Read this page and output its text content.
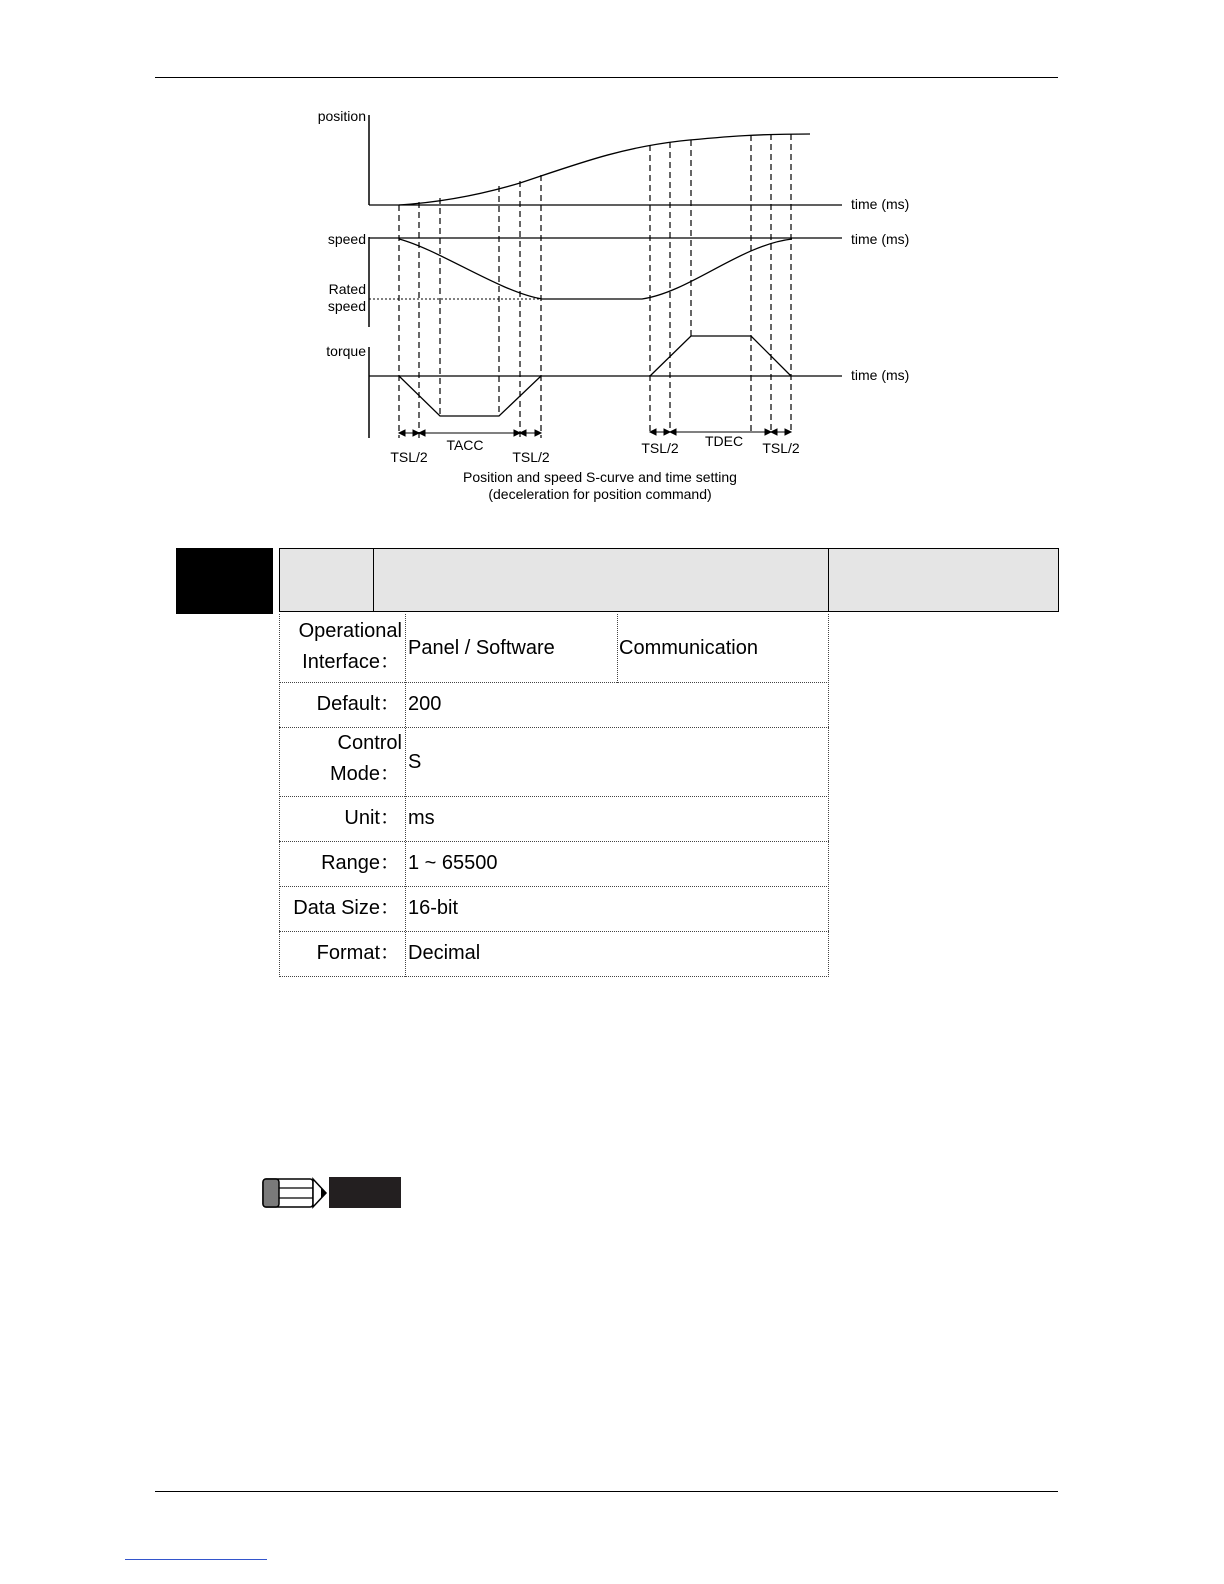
position
speed
Rated
speed
torque
time (ms)
time (ms)
time (ms)
TSL/2
TACC
TSL/2
TSL/2 TDEC TSL/2
Position and speed S-curve and time setting
(deceleration for position command)
Operational
Interface：
Panel / Software	Communication
Default： 200
Control
Mode：
S
Unit： ms
Range： 1 ~ 65500
Data Size： 16-bit
Format： Decimal
